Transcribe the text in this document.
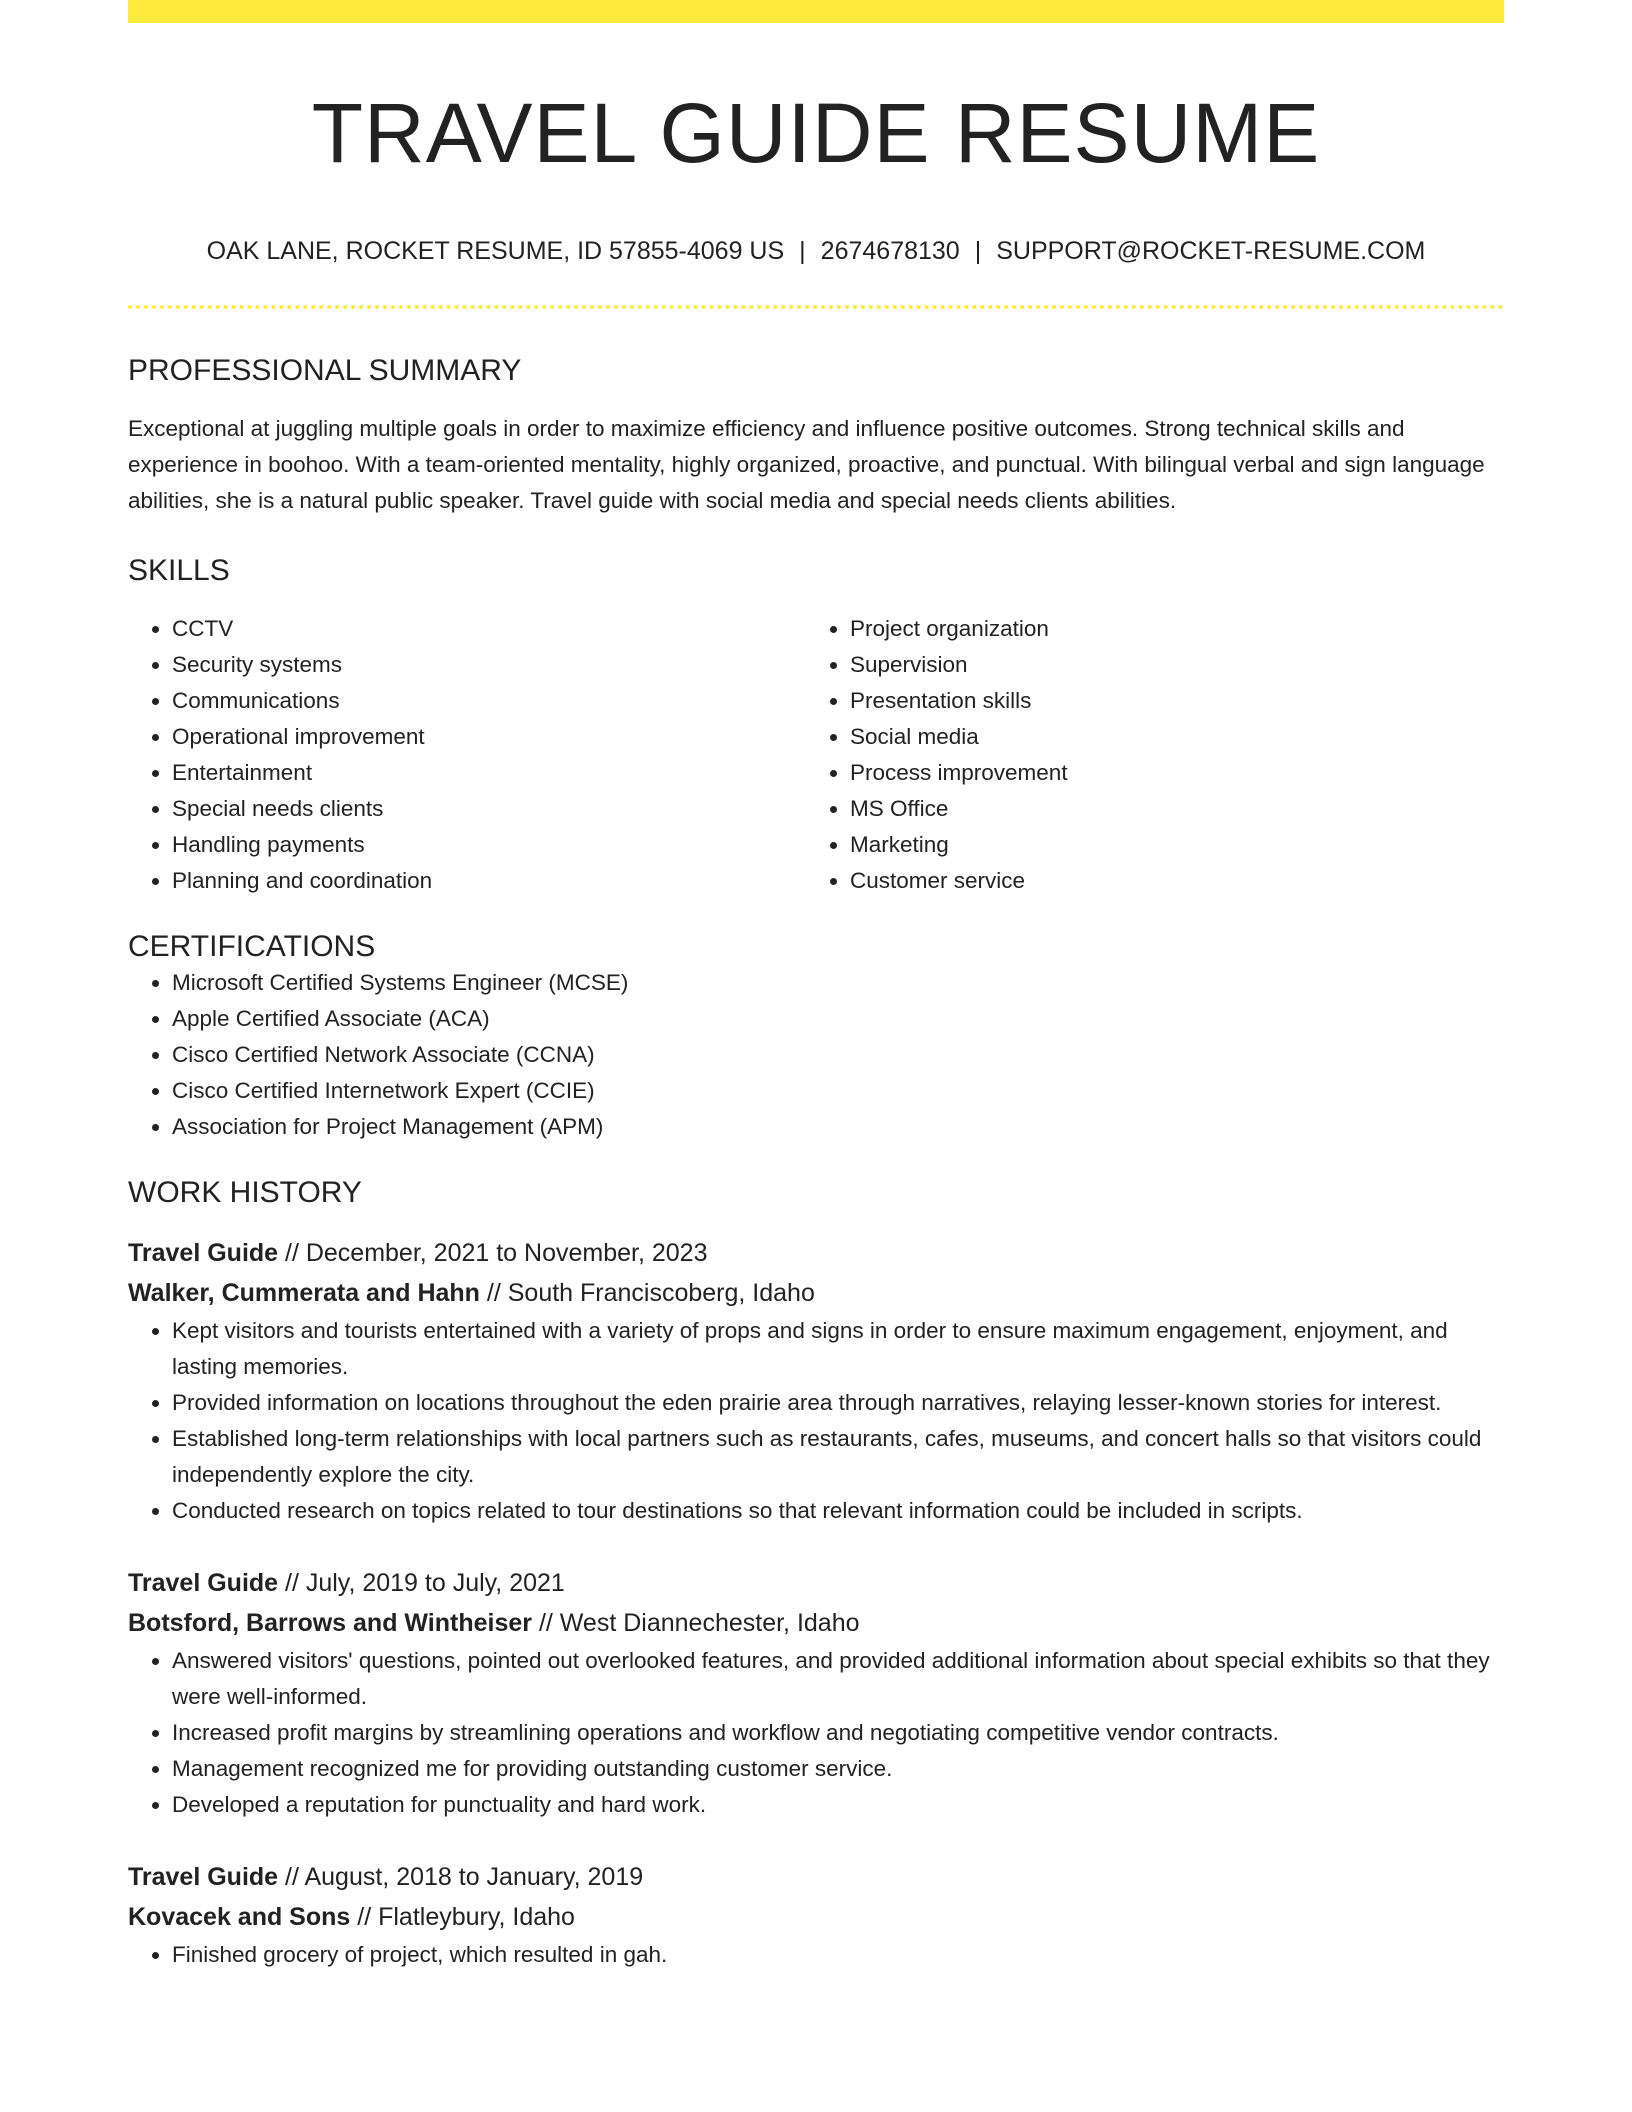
TRAVEL GUIDE RESUME
OAK LANE, ROCKET RESUME, ID 57855-4069 US | 2674678130 | SUPPORT@ROCKET-RESUME.COM
PROFESSIONAL SUMMARY
Exceptional at juggling multiple goals in order to maximize efficiency and influence positive outcomes. Strong technical skills and experience in boohoo. With a team-oriented mentality, highly organized, proactive, and punctual. With bilingual verbal and sign language abilities, she is a natural public speaker. Travel guide with social media and special needs clients abilities.
SKILLS
• CCTV
• Security systems
• Communications
• Operational improvement
• Entertainment
• Special needs clients
• Handling payments
• Planning and coordination
• Project organization
• Supervision
• Presentation skills
• Social media
• Process improvement
• MS Office
• Marketing
• Customer service
CERTIFICATIONS
• Microsoft Certified Systems Engineer (MCSE)
• Apple Certified Associate (ACA)
• Cisco Certified Network Associate (CCNA)
• Cisco Certified Internetwork Expert (CCIE)
• Association for Project Management (APM)
WORK HISTORY
Travel Guide // December, 2021 to November, 2023
Walker, Cummerata and Hahn // South Franciscoberg, Idaho
• Kept visitors and tourists entertained with a variety of props and signs in order to ensure maximum engagement, enjoyment, and lasting memories.
• Provided information on locations throughout the eden prairie area through narratives, relaying lesser-known stories for interest.
• Established long-term relationships with local partners such as restaurants, cafes, museums, and concert halls so that visitors could independently explore the city.
• Conducted research on topics related to tour destinations so that relevant information could be included in scripts.
Travel Guide // July, 2019 to July, 2021
Botsford, Barrows and Wintheiser // West Diannechester, Idaho
• Answered visitors' questions, pointed out overlooked features, and provided additional information about special exhibits so that they were well-informed.
• Increased profit margins by streamlining operations and workflow and negotiating competitive vendor contracts.
• Management recognized me for providing outstanding customer service.
• Developed a reputation for punctuality and hard work.
Travel Guide // August, 2018 to January, 2019
Kovacek and Sons // Flatleybury, Idaho
• Finished grocery of project, which resulted in gah.
